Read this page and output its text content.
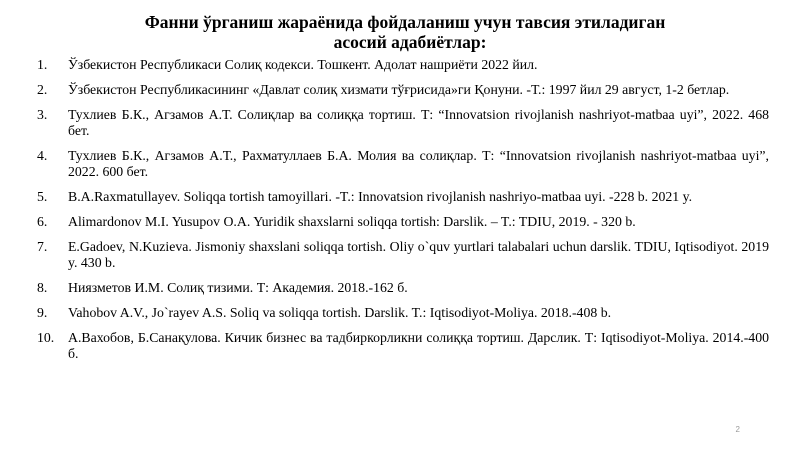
Фанни ўрганиш жараёнида фойдаланиш учун тавсия этиладиган
асосий адабиётлар:
1.	Ўзбекистон Республикаси Солиқ кодекси. Тошкент. Адолат нашриёти 2022 йил.
2.	Ўзбекистон Республикасининг «Давлат солиқ хизмати тўғрисида»ги Қонуни. -Т.: 1997 йил 29 август, 1-2 бетлар.
3.	Тухлиев Б.К., Агзамов А.Т. Солиқлар ва солиққа тортиш. Т: “Innovatsion rivojlanish nashriyot-matbaa uyi”, 2022. 468 бет.
4.	Тухлиев Б.К., Агзамов А.Т., Рахматуллаев Б.А. Молия ва солиқлар. Т: “Innovatsion rivojlanish nashriyot-matbaa uyi”, 2022. 600 бет.
5.	B.A.Raxmatullayev. Soliqqa tortish tamoyillari. -T.: Innovatsion rivojlanish nashriyo-matbaa uyi. -228 b. 2021 y.
6.	Alimardonov M.I. Yusupov O.A. Yuridik shaxslarni soliqqa tortish: Darslik. – T.: TDIU, 2019. - 320 b.
7.	E.Gadoev, N.Kuzieva. Jismoniy shaxslani soliqqa tortish. Oliy o`quv yurtlari talabalari uchun darslik. TDIU, Iqtisodiyot. 2019 y. 430 b.
8.	Ниязметов И.М. Солиқ тизими. Т: Академия. 2018.-162 б.
9.	Vahobov A.V., Jo`rayev A.S. Soliq va soliqqa tortish. Darslik. T.: Iqtisodiyot-Moliya. 2018.-408 b.
10. А.Вахобов, Б.Санақулова. Кичик бизнес ва тадбиркорликни солиққа тортиш. Дарслик. Т: Iqtisodiyot-Moliya. 2014.-400 б.
2
